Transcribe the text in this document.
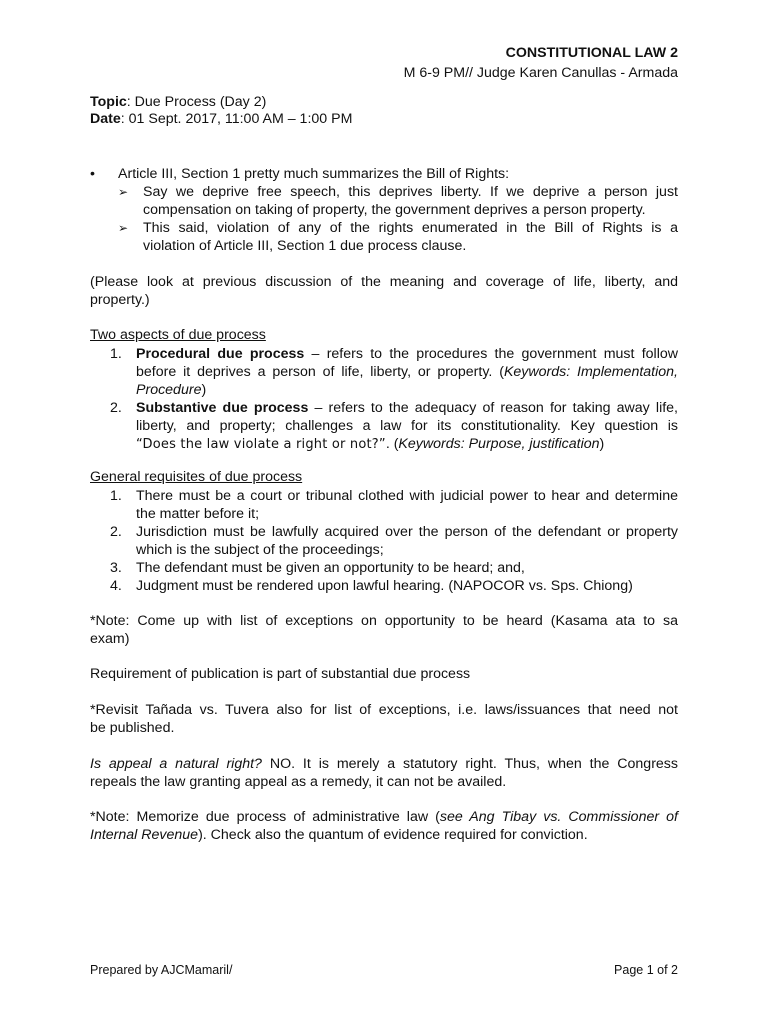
CONSTITUTIONAL LAW 2
M 6-9 PM// Judge Karen Canullas - Armada
Topic: Due Process (Day 2)
Date: 01 Sept. 2017, 11:00 AM – 1:00 PM
•	Article III, Section 1 pretty much summarizes the Bill of Rights:
➢ Say we deprive free speech, this deprives liberty. If we deprive a person just
compensation on taking of property, the government deprives a person property.
➢ This said, violation of any of the rights enumerated in the Bill of Rights is a
violation of Article III, Section 1 due process clause.
(Please look at previous discussion of the meaning and coverage of life, liberty, and
property.)
Two aspects of due process
1. Procedural due process – refers to the procedures the government must follow
before it deprives a person of life, liberty, or property. (Keywords: Implementation,
Procedure)
2. Substantive due process – refers to the adequacy of reason for taking away life,
liberty, and property; challenges a law for its constitutionality. Key question is
“Does the law violate a right or not?”. (Keywords: Purpose, justification)
General requisites of due process
1. There must be a court or tribunal clothed with judicial power to hear and determine
the matter before it;
2. Jurisdiction must be lawfully acquired over the person of the defendant or property
which is the subject of the proceedings;
3. The defendant must be given an opportunity to be heard; and,
4. Judgment must be rendered upon lawful hearing. (NAPOCOR vs. Sps. Chiong)
*Note: Come up with list of exceptions on opportunity to be heard (Kasama ata to sa
exam)
Requirement of publication is part of substantial due process
*Revisit Tañada vs. Tuvera also for list of exceptions, i.e. laws/issuances that need not
be published.
Is appeal a natural right? NO. It is merely a statutory right. Thus, when the Congress
repeals the law granting appeal as a remedy, it can not be availed.
*Note: Memorize due process of administrative law (see Ang Tibay vs. Commissioner of
Internal Revenue). Check also the quantum of evidence required for conviction.
Prepared by AJCMamaril/	Page 1 of 2
